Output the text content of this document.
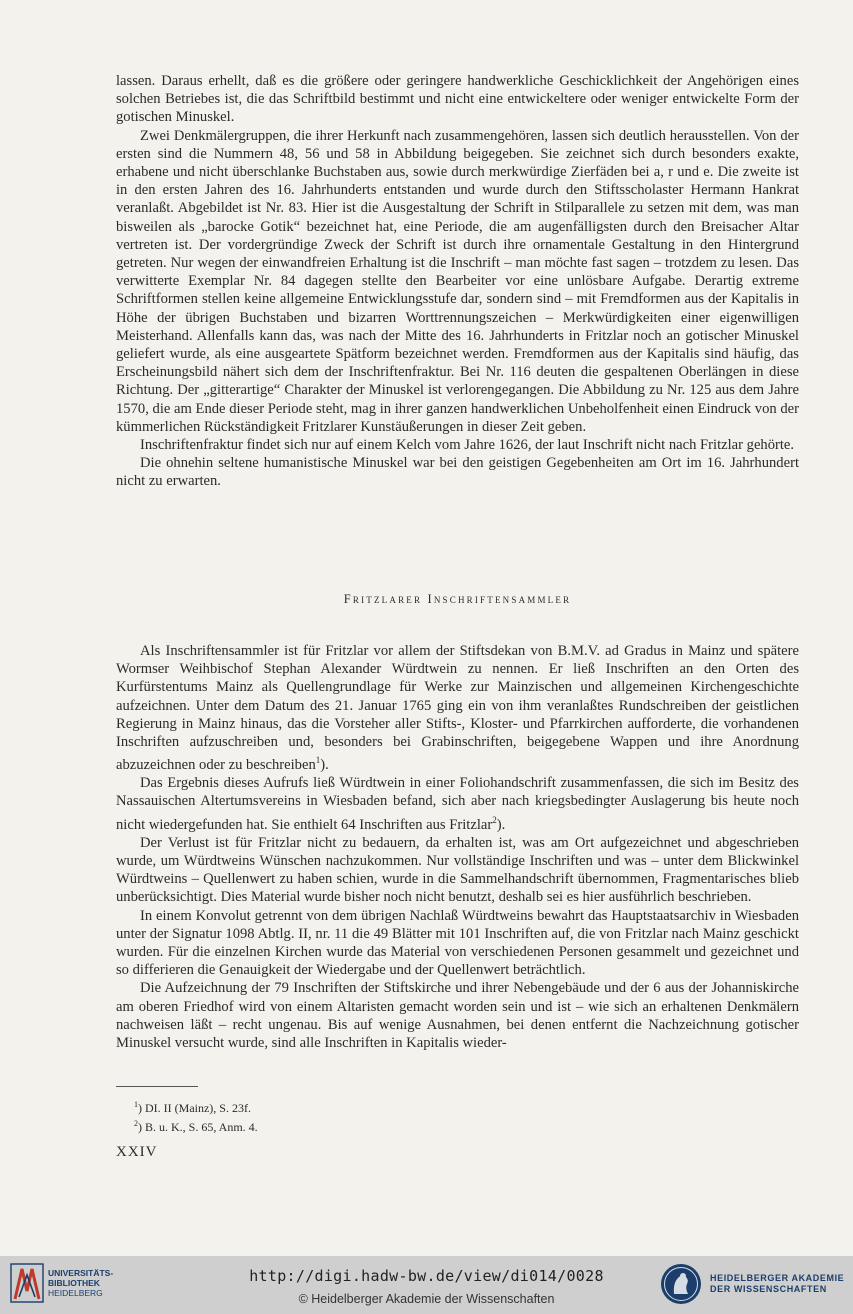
lassen. Daraus erhellt, daß es die größere oder geringere handwerkliche Geschicklichkeit der Angehörigen eines solchen Betriebes ist, die das Schriftbild bestimmt und nicht eine entwickeltere oder weniger entwickelte Form der gotischen Minuskel.

Zwei Denkmälergruppen, die ihrer Herkunft nach zusammengehören, lassen sich deutlich herausstellen. Von der ersten sind die Nummern 48, 56 und 58 in Abbildung beigegeben. Sie zeichnet sich durch besonders exakte, erhabene und nicht überschlanke Buchstaben aus, sowie durch merkwürdige Zierfäden bei a, r und e. Die zweite ist in den ersten Jahren des 16. Jahrhunderts entstanden und wurde durch den Stiftsscholaster Hermann Hankrat veranlaßt. Abgebildet ist Nr. 83. Hier ist die Ausgestaltung der Schrift in Stilparallele zu setzen mit dem, was man bisweilen als „barocke Gotik“ bezeichnet hat, eine Periode, die am augenfälligsten durch den Breisacher Altar vertreten ist. Der vordergründige Zweck der Schrift ist durch ihre ornamentale Gestaltung in den Hintergrund getreten. Nur wegen der einwandfreien Erhaltung ist die Inschrift – man möchte fast sagen – trotzdem zu lesen. Das verwitterte Exemplar Nr. 84 dagegen stellte den Bearbeiter vor eine unlösbare Aufgabe. Derartig extreme Schriftformen stellen keine allgemeine Entwicklungsstufe dar, sondern sind – mit Fremdformen aus der Kapitalis in Höhe der übrigen Buchstaben und bizarren Worttrennungszeichen – Merkwürdigkeiten einer eigenwilligen Meisterhand. Allenfalls kann das, was nach der Mitte des 16. Jahrhunderts in Fritzlar noch an gotischer Minuskel geliefert wurde, als eine ausgeartete Spätform bezeichnet werden. Fremdformen aus der Kapitalis sind häufig, das Erscheinungsbild nähert sich dem der Inschriftenfraktur. Bei Nr. 116 deuten die gespaltenen Oberlängen in diese Richtung. Der „gitterartige“ Charakter der Minuskel ist verlorengegangen. Die Abbildung zu Nr. 125 aus dem Jahre 1570, die am Ende dieser Periode steht, mag in ihrer ganzen handwerklichen Unbeholfenheit einen Eindruck von der kümmerlichen Rückständigkeit Fritzlarer Kunstäußerungen in dieser Zeit geben.

Inschriftenfraktur findet sich nur auf einem Kelch vom Jahre 1626, der laut Inschrift nicht nach Fritzlar gehörte.

Die ohnehin seltene humanistische Minuskel war bei den geistigen Gegebenheiten am Ort im 16. Jahrhundert nicht zu erwarten.

Fritzlarer Inschriftensammler

Als Inschriftensammler ist für Fritzlar vor allem der Stiftsdekan von B.M.V. ad Gradus in Mainz und spätere Wormser Weihbischof Stephan Alexander Würdtwein zu nennen. Er ließ Inschriften an den Orten des Kurfürstentums Mainz als Quellengrundlage für Werke zur Mainzischen und allgemeinen Kirchengeschichte aufzeichnen. Unter dem Datum des 21. Januar 1765 ging ein von ihm veranlaßtes Rundschreiben der geistlichen Regierung in Mainz hinaus, das die Vorsteher aller Stifts-, Kloster- und Pfarrkirchen aufforderte, die vorhandenen Inschriften aufzuschreiben und, besonders bei Grabinschriften, beigegebene Wappen und ihre Anordnung abzuzeichnen oder zu beschreiben$^1$).

Das Ergebnis dieses Aufrufs ließ Würdtwein in einer Foliohandschrift zusammenfassen, die sich im Besitz des Nassauischen Altertumsvereins in Wiesbaden befand, sich aber nach kriegsbedingter Auslagerung bis heute noch nicht wiedergefunden hat. Sie enthielt 64 Inschriften aus Fritzlar$^2$).

Der Verlust ist für Fritzlar nicht zu bedauern, da erhalten ist, was am Ort aufgezeichnet und abgeschrieben wurde, um Würdtweins Wünschen nachzukommen. Nur vollständige Inschriften und was – unter dem Blickwinkel Würdtweins – Quellenwert zu haben schien, wurde in die Sammelhandschrift übernommen, Fragmentarisches blieb unberücksichtigt. Dies Material wurde bisher noch nicht benutzt, deshalb sei es hier ausführlich beschrieben.

In einem Konvolut getrennt von dem übrigen Nachlaß Würdtweins bewahrt das Hauptstaatsarchiv in Wiesbaden unter der Signatur 1098 Abtlg. II, nr. 11 die 49 Blätter mit 101 Inschriften auf, die von Fritzlar nach Mainz geschickt wurden. Für die einzelnen Kirchen wurde das Material von verschiedenen Personen gesammelt und gezeichnet und so differieren die Genauigkeit der Wiedergabe und der Quellenwert beträchtlich.

Die Aufzeichnung der 79 Inschriften der Stiftskirche und ihrer Nebengebäude und der 6 aus der Johanniskirche am oberen Friedhof wird von einem Altaristen gemacht worden sein und ist – wie sich an erhaltenen Denkmälern nachweisen läßt – recht ungenau. Bis auf wenige Ausnahmen, bei denen entfernt die Nachzeichnung gotischer Minuskel versucht wurde, sind alle Inschriften in Kapitalis wieder-

$^1$) DI. II (Mainz), S. 23f.
$^2$) B. u. K., S. 65, Anm. 4.
XXIV
UNIVERSITÄTS-
BIBLIOTHEK
HEIDELBERG
http://digi.hadw-bw.de/view/di014/0028
© Heidelberger Akademie der Wissenschaften
HEIDELBERGER AKADEMIE
DER WISSENSCHAFTEN
